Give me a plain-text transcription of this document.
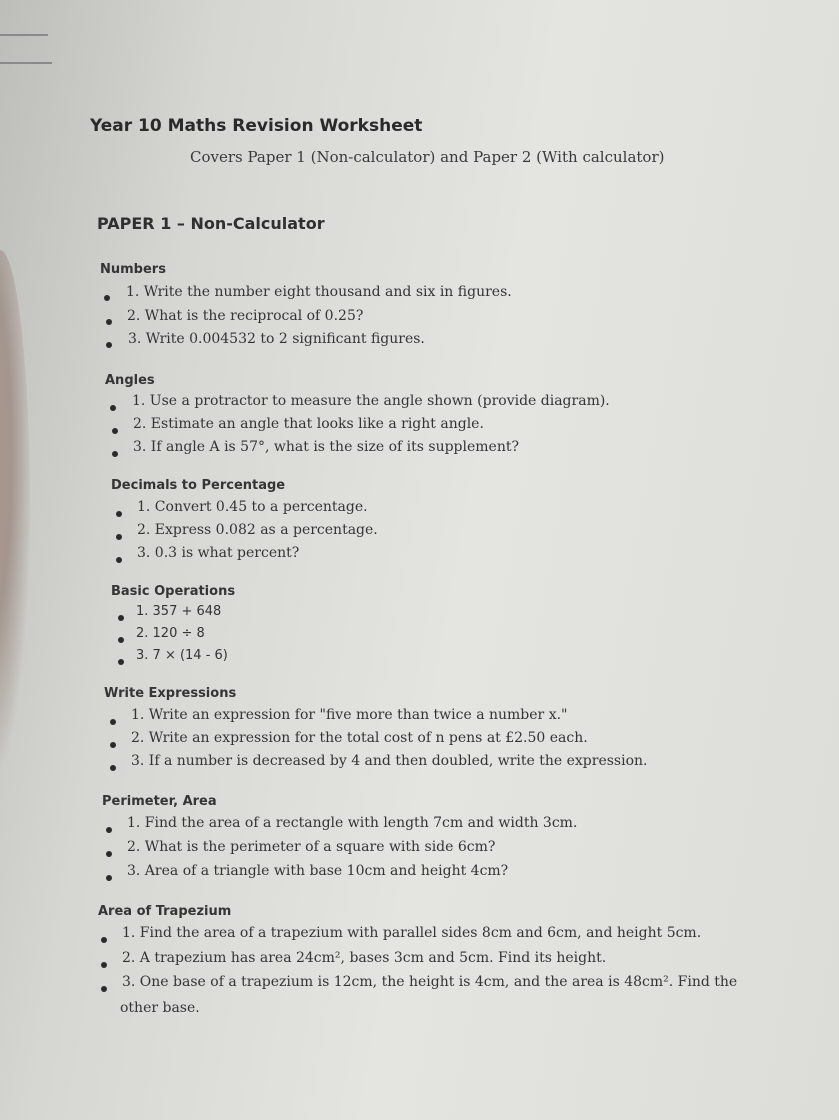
Year 10 Maths Revision Worksheet
Covers Paper 1 (Non-calculator) and Paper 2 (With calculator)
PAPER 1 – Non-Calculator
Numbers
1. Write the number eight thousand and six in figures.
2. What is the reciprocal of 0.25?
3. Write 0.004532 to 2 significant figures.
Angles
1. Use a protractor to measure the angle shown (provide diagram).
2. Estimate an angle that looks like a right angle.
3. If angle A is 57°, what is the size of its supplement?
Decimals to Percentage
1. Convert 0.45 to a percentage.
2. Express 0.082 as a percentage.
3. 0.3 is what percent?
Basic Operations
1. 357 + 648
2. 120 ÷ 8
3. 7 × (14 - 6)
Write Expressions
1. Write an expression for "five more than twice a number x."
2. Write an expression for the total cost of n pens at £2.50 each.
3. If a number is decreased by 4 and then doubled, write the expression.
Perimeter, Area
1. Find the area of a rectangle with length 7cm and width 3cm.
2. What is the perimeter of a square with side 6cm?
3. Area of a triangle with base 10cm and height 4cm?
Area of Trapezium
1. Find the area of a trapezium with parallel sides 8cm and 6cm, and height 5cm.
2. A trapezium has area 24cm², bases 3cm and 5cm. Find its height.
3. One base of a trapezium is 12cm, the height is 4cm, and the area is 48cm². Find the
other base.
